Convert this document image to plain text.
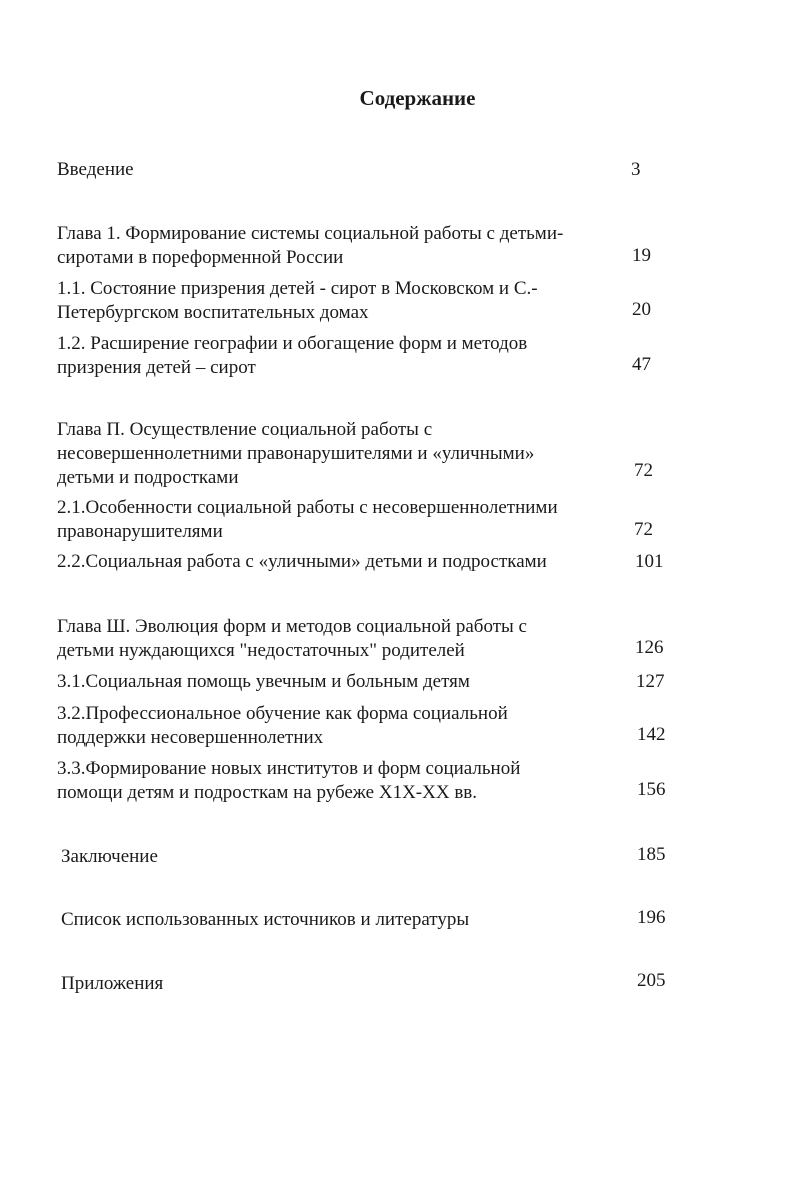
Содержание
Введение	3
Глава 1. Формирование системы социальной работы с детьми-
сиротами в пореформенной России	19
1.1. Состояние призрения детей - сирот в Московском и С.-
Петербургском воспитательных домах	20
1.2. Расширение географии и обогащение форм и методов
призрения детей – сирот	47
Глава П. Осуществление социальной работы с
несовершеннолетними правонарушителями и «уличными»
детьми и подростками	72
2.1.Особенности социальной работы с несовершеннолетними
правонарушителями	72
2.2.Социальная работа с «уличными» детьми и подростками	101
Глава Ш. Эволюция форм и методов социальной работы с
детьми нуждающихся "недостаточных" родителей	126
3.1.Социальная помощь увечным и больным детям	127
3.2.Профессиональное обучение как форма социальной
поддержки несовершеннолетних	142
3.3.Формирование новых институтов и форм социальной
помощи детям и подросткам на рубеже Х1Х-ХХ вв.	156
Заключение	185
Список использованных источников и литературы	196
Приложения	205
